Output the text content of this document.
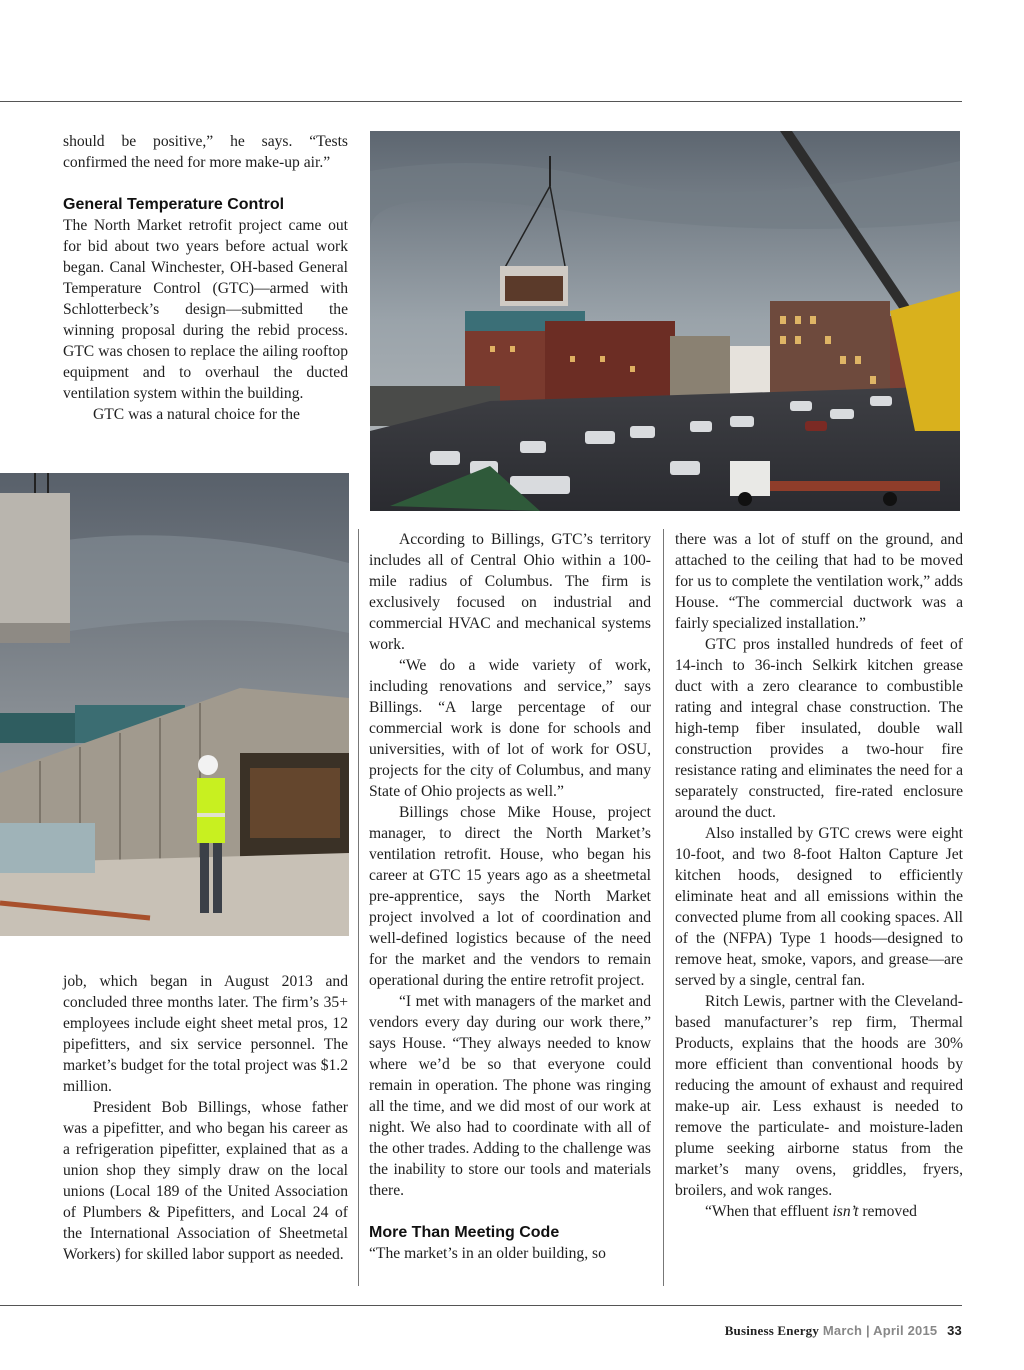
should be positive,” he says. “Tests confirmed the need for more make-up air.”

General Temperature Control

The North Market retrofit project came out for bid about two years before actual work began. Canal Winchester, OH-based General Temperature Control (GTC)—armed with Schlotterbeck’s design—submitted the winning proposal during the rebid process. GTC was chosen to replace the ailing rooftop equipment and to overhaul the ducted ventilation system within the building.

GTC was a natural choice for the

job, which began in August 2013 and concluded three months later. The firm’s 35+ employees include eight sheet metal pros, 12 pipefitters, and six service personnel. The market’s budget for the total project was $1.2 million.

President Bob Billings, whose father was a pipefitter, and who began his career as a refrigeration pipefitter, explained that as a union shop they simply draw on the local unions (Local 189 of the United Association of Plumbers & Pipefitters, and Local 24 of the International Association of Sheetmetal Workers) for skilled labor support as needed.

According to Billings, GTC’s territory includes all of Central Ohio within a 100-mile radius of Columbus. The firm is exclusively focused on industrial and commercial HVAC and mechanical systems work.

“We do a wide variety of work, including renovations and service,” says Billings. “A large percentage of our commercial work is done for schools and universities, with of lot of work for OSU, projects for the city of Columbus, and many State of Ohio projects as well.”

Billings chose Mike House, project manager, to direct the North Market’s ventilation retrofit. House, who began his career at GTC 15 years ago as a sheetmetal pre-apprentice, says the North Market project involved a lot of coordination and well-defined logistics because of the need for the market and the vendors to remain operational during the entire retrofit project.

“I met with managers of the market and vendors every day during our work there,” says House. “They always needed to know where we’d be so that everyone could remain in operation. The phone was ringing all the time, and we did most of our work at night. We also had to coordinate with all of the other trades. Adding to the challenge was the inability to store our tools and materials there.

More Than Meeting Code

“The market’s in an older building, so

there was a lot of stuff on the ground, and attached to the ceiling that had to be moved for us to complete the ventilation work,” adds House. “The commercial ductwork was a fairly specialized installation.”

GTC pros installed hundreds of feet of 14-inch to 36-inch Selkirk kitchen grease duct with a zero clearance to combustible rating and integral chase construction. The high-temp fiber insulated, double wall construction provides a two-hour fire resistance rating and eliminates the need for a separately constructed, fire-rated enclosure around the duct.

Also installed by GTC crews were eight 10-foot, and two 8-foot Halton Capture Jet kitchen hoods, designed to efficiently eliminate heat and all emissions within the convected plume from all cooking spaces. All of the (NFPA) Type 1 hoods—designed to remove heat, smoke, vapors, and grease—are served by a single, central fan.

Ritch Lewis, partner with the Cleveland-based manufacturer’s rep firm, Thermal Products, explains that the hoods are 30% more efficient than conventional hoods by reducing the amount of exhaust and required make-up air. Less exhaust is needed to remove the particulate- and moisture-laden plume seeking airborne status from the market’s many ovens, griddles, fryers, broilers, and wok ranges.

“When that effluent isn’t removed

Business Energy March | April 2015 33
